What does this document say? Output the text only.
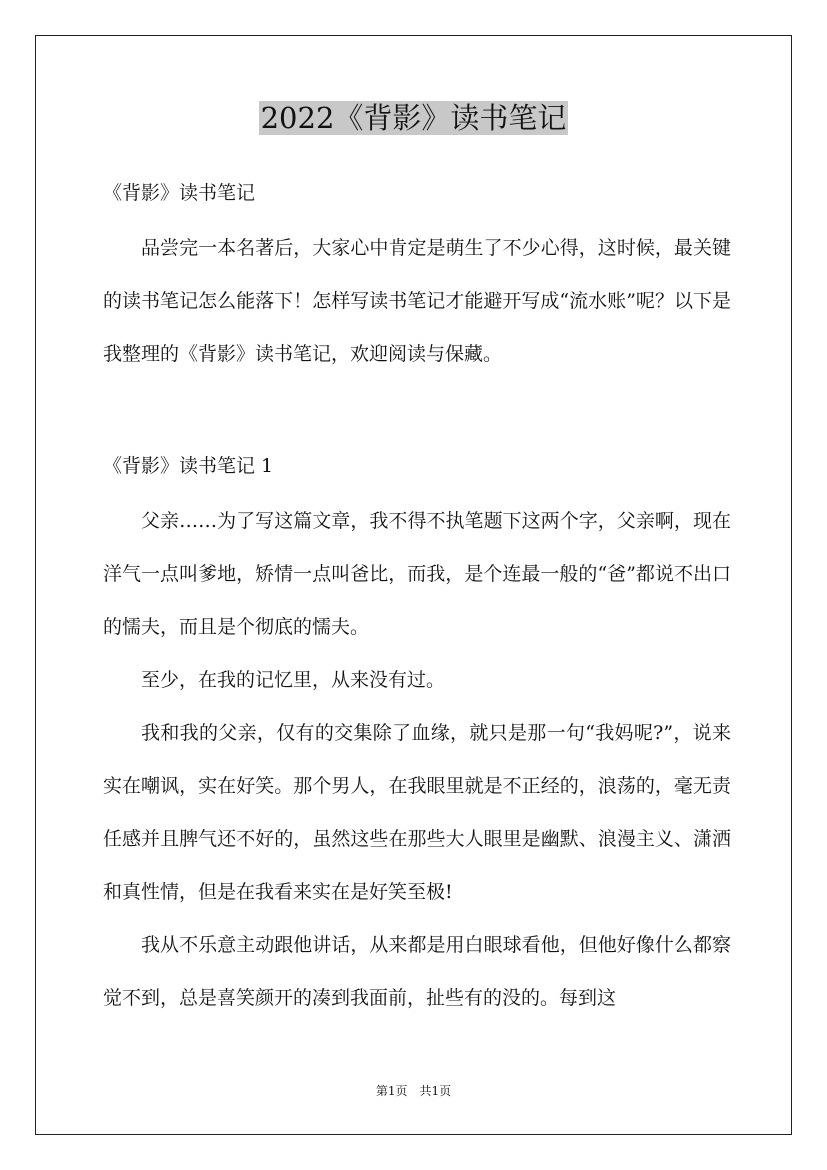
2022《背影》读书笔记

《背影》读书笔记

品尝完一本名著后，大家心中肯定是萌生了不少心得，这时候，最关键的读书笔记怎么能落下！怎样写读书笔记才能避开写成“流水账”呢？以下是我整理的《背影》读书笔记，欢迎阅读与保藏。

《背影》读书笔记 1

父亲……为了写这篇文章，我不得不执笔题下这两个字，父亲啊，现在洋气一点叫爹地，矫情一点叫爸比，而我，是个连最一般的“爸”都说不出口的懦夫，而且是个彻底的懦夫。

至少，在我的记忆里，从来没有过。

我和我的父亲，仅有的交集除了血缘，就只是那一句“我妈呢?”，说来实在嘲讽，实在好笑。那个男人，在我眼里就是不正经的，浪荡的，毫无责任感并且脾气还不好的，虽然这些在那些大人眼里是幽默、浪漫主义、潇洒和真性情，但是在我看来实在是好笑至极!

我从不乐意主动跟他讲话，从来都是用白眼球看他，但他好像什么都察觉不到，总是喜笑颜开的凑到我面前，扯些有的没的。每到这

第1页　共1页
